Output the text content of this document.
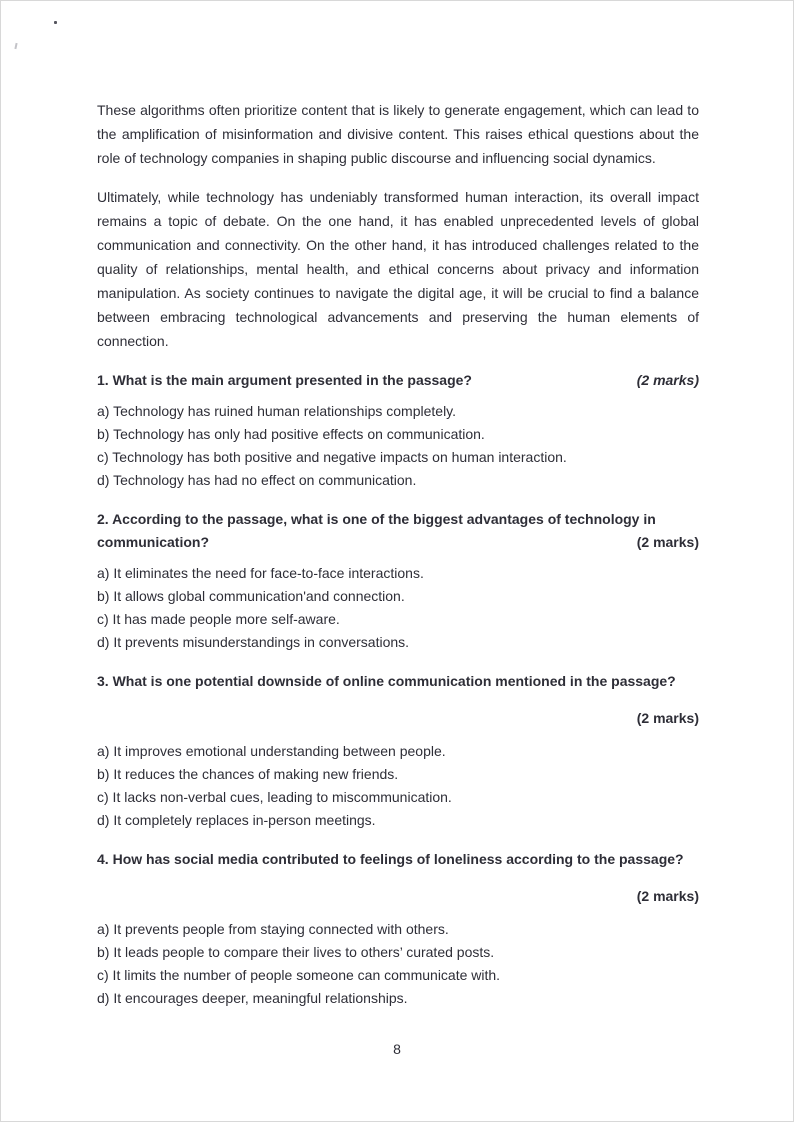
These algorithms often prioritize content that is likely to generate engagement, which can lead to the amplification of misinformation and divisive content. This raises ethical questions about the role of technology companies in shaping public discourse and influencing social dynamics.

Ultimately, while technology has undeniably transformed human interaction, its overall impact remains a topic of debate. On the one hand, it has enabled unprecedented levels of global communication and connectivity. On the other hand, it has introduced challenges related to the quality of relationships, mental health, and ethical concerns about privacy and information manipulation. As society continues to navigate the digital age, it will be crucial to find a balance between embracing technological advancements and preserving the human elements of connection.

1. What is the main argument presented in the passage?	(2 marks)
a) Technology has ruined human relationships completely.
b) Technology has only had positive effects on communication.
c) Technology has both positive and negative impacts on human interaction.
d) Technology has had no effect on communication.
2. According to the passage, what is one of the biggest advantages of technology in communication?	(2 marks)
a) It eliminates the need for face-to-face interactions.
b) It allows global communication'and connection.
c) It has made people more self-aware.
d) It prevents misunderstandings in conversations.
3. What is one potential downside of online communication mentioned in the passage?
(2 marks)
a) It improves emotional understanding between people.
b) It reduces the chances of making new friends.
c) It lacks non-verbal cues, leading to miscommunication.
d) It completely replaces in-person meetings.
4. How has social media contributed to feelings of loneliness according to the passage?
(2 marks)
a) It prevents people from staying connected with others.
b) It leads people to compare their lives to others’ curated posts.
c) It limits the number of people someone can communicate with.
d) It encourages deeper, meaningful relationships.
8
